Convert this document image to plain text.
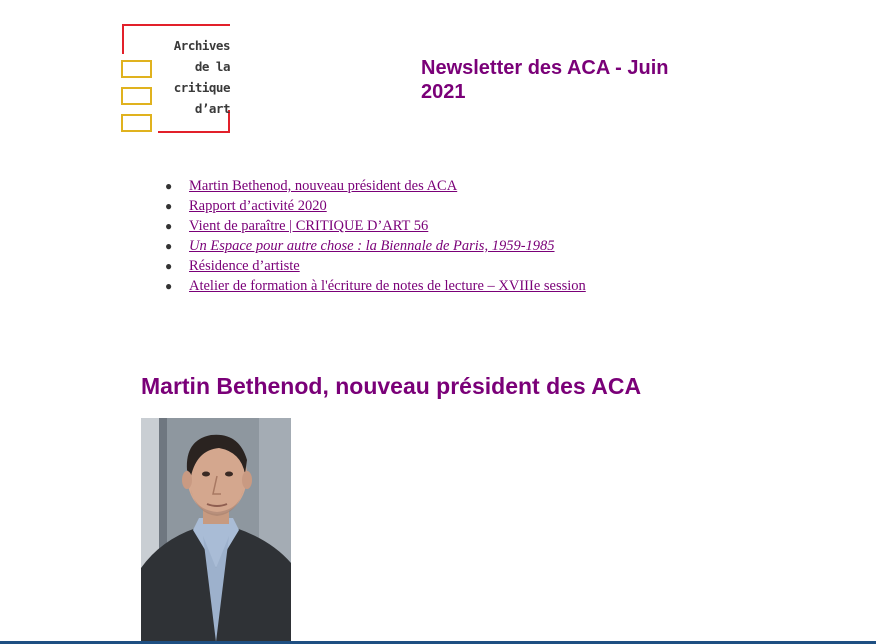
Archives
de la
critique
d’art
Newsletter des ACA - Juin 2021
● Martin Bethenod, nouveau président des ACA
● Rapport d’activité 2020
● Vient de paraître | CRITIQUE D’ART 56
● Un Espace pour autre chose : la Biennale de Paris, 1959-1985
● Résidence d’artiste
● Atelier de formation à l'écriture de notes de lecture – XVIIIe session
Martin Bethenod, nouveau président des ACA
